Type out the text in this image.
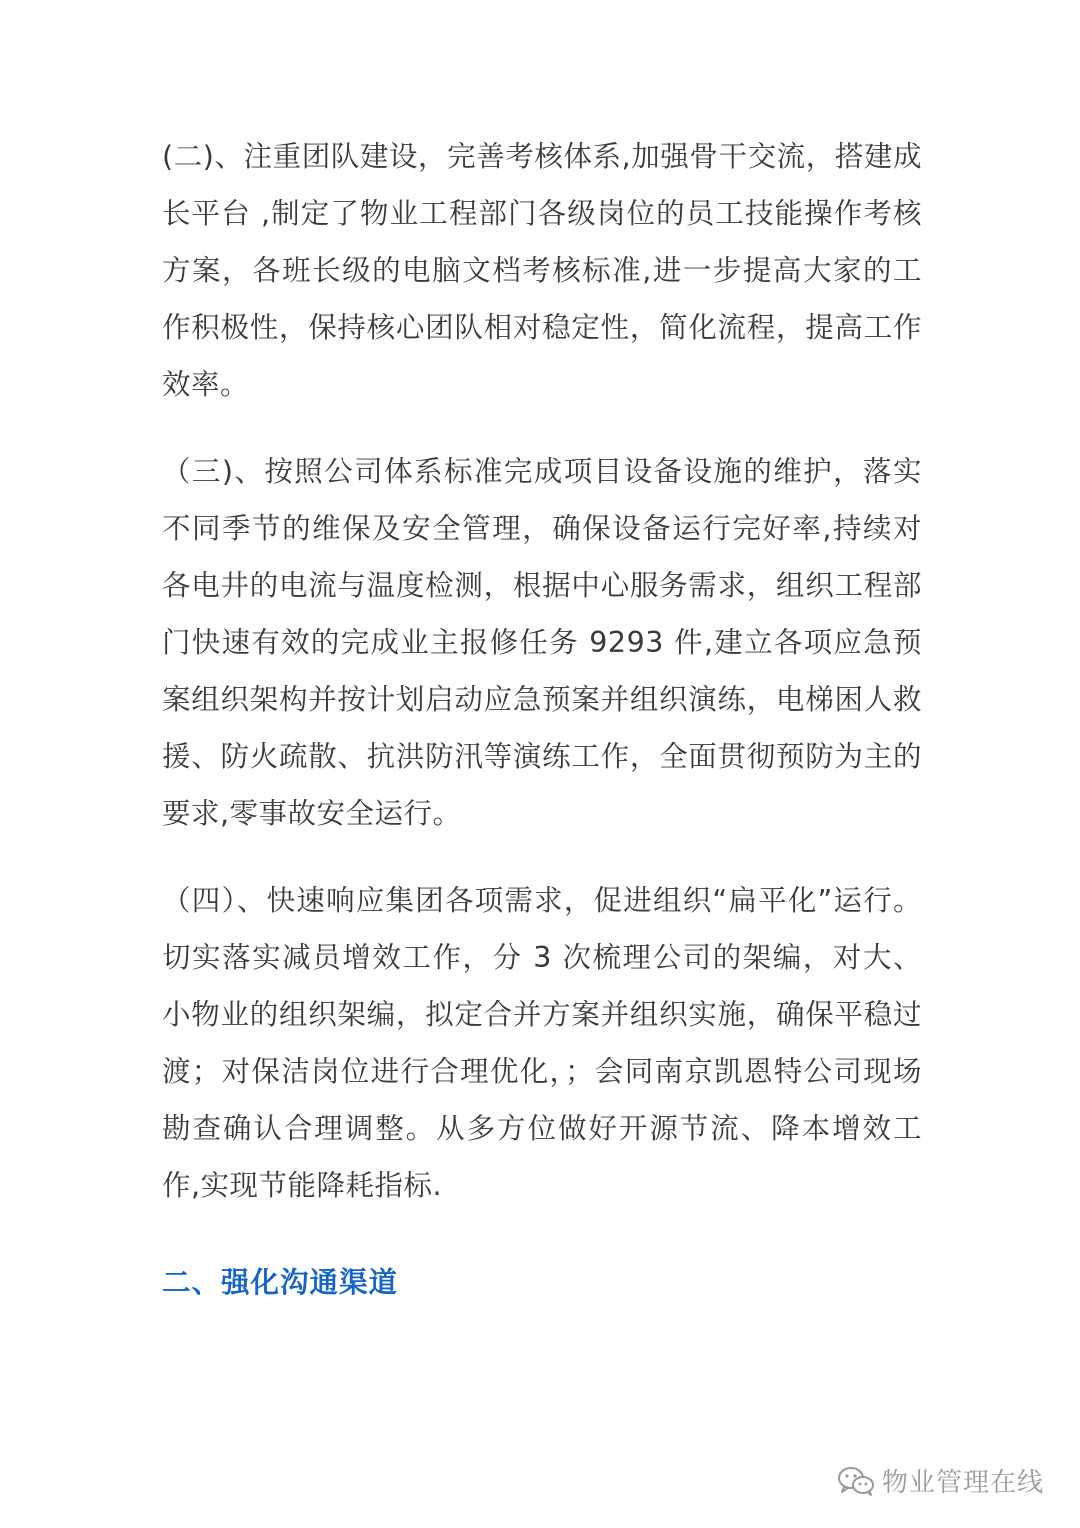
(二)、注重团队建设，完善考核体系,加强骨干交流，搭建成长平台 ,制定了物业工程部门各级岗位的员工技能操作考核方案，各班长级的电脑文档考核标准,进一步提高大家的工作积极性，保持核心团队相对稳定性，简化流程，提高工作效率。

（三)、按照公司体系标准完成项目设备设施的维护，落实不同季节的维保及安全管理，确保设备运行完好率,持续对各电井的电流与温度检测，根据中心服务需求，组织工程部门快速有效的完成业主报修任务 9293 件,建立各项应急预案组织架构并按计划启动应急预案并组织演练，电梯困人救援、防火疏散、抗洪防汛等演练工作，全面贯彻预防为主的要求,零事故安全运行。

（四）、快速响应集团各项需求，促进组织“扁平化”运行。切实落实减员增效工作，分 3 次梳理公司的架编，对大、小物业的组织架编，拟定合并方案并组织实施，确保平稳过渡；对保洁岗位进行合理优化，；会同南京凯恩特公司现场勘查确认合理调整。从多方位做好开源节流、降本增效工作,实现节能降耗指标.

二、强化沟通渠道
物业管理在线
